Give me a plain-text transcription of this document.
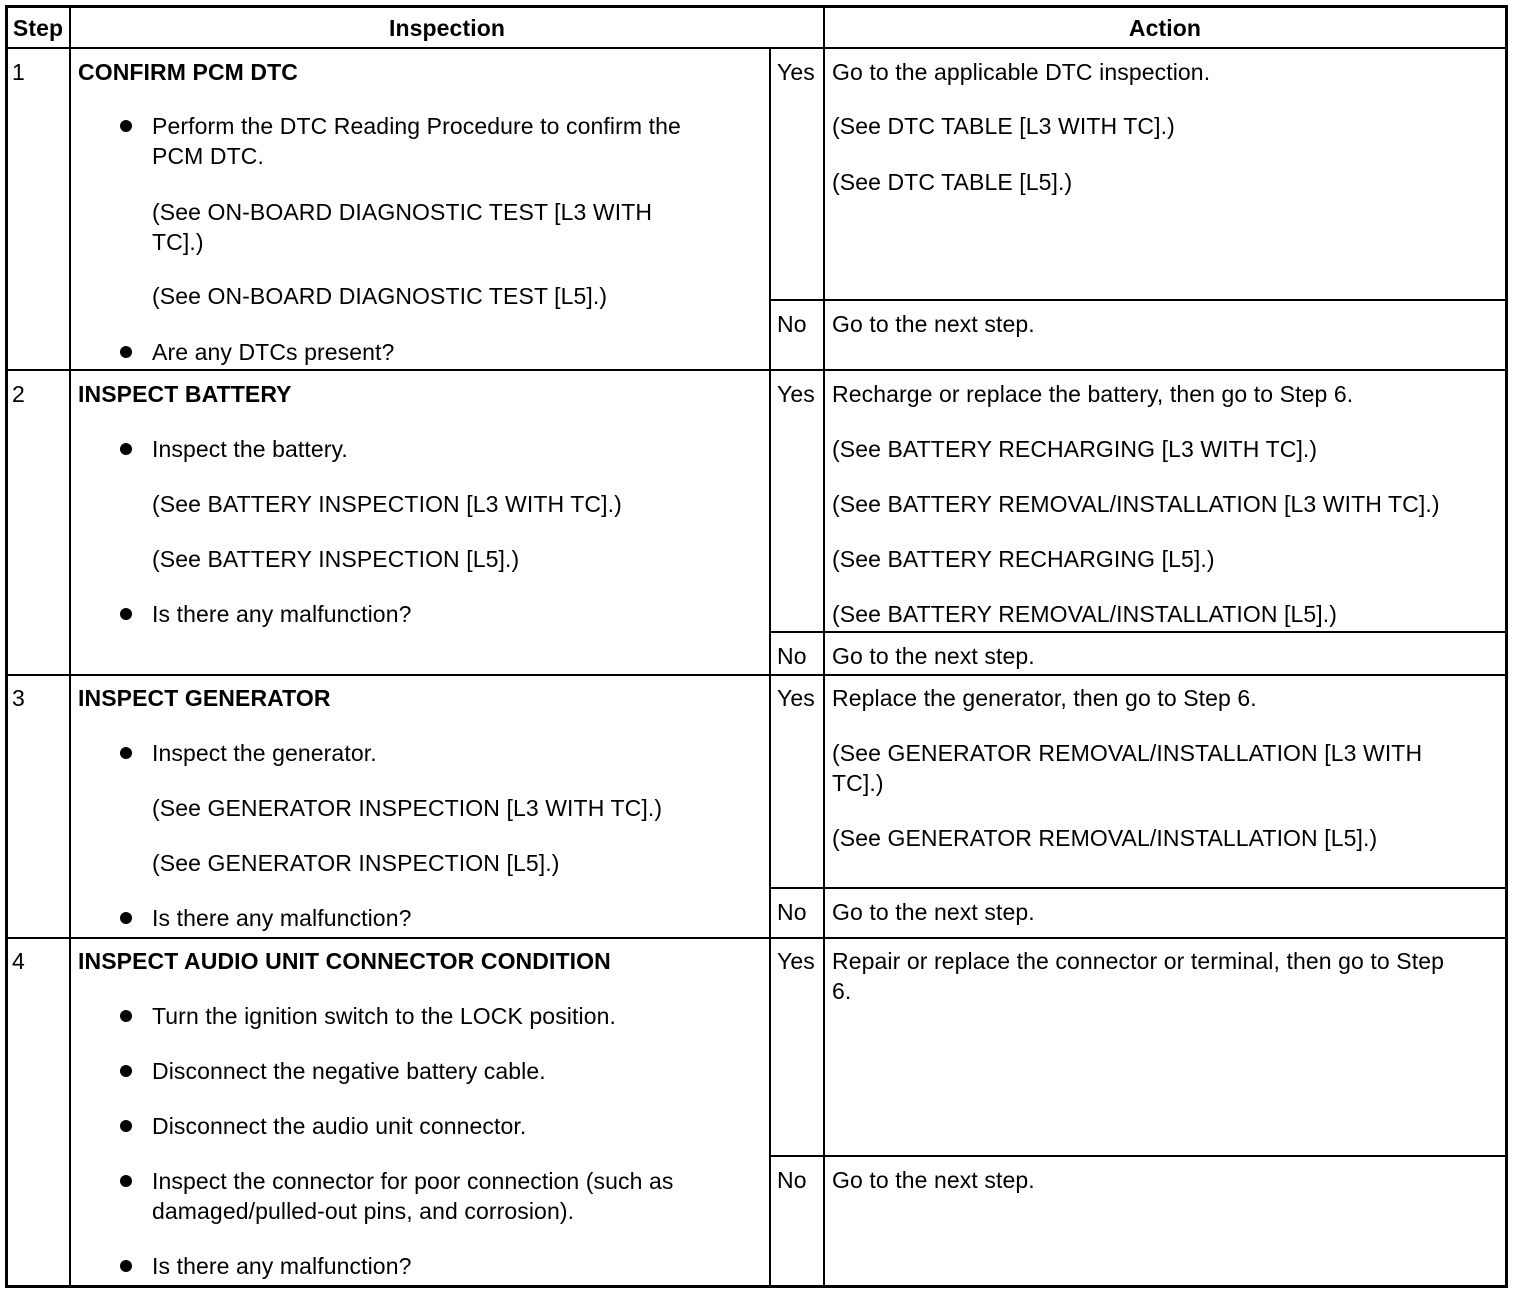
Step	Inspection	Action
1 CONFIRM PCM DTC
Perform the DTC Reading Procedure to confirm the
PCM DTC.
(See ON-BOARD DIAGNOSTIC TEST [L3 WITH
TC].)
(See ON-BOARD DIAGNOSTIC TEST [L5].)
Are any DTCs present?
Yes Go to the applicable DTC inspection.
(See DTC TABLE [L3 WITH TC].)
(See DTC TABLE [L5].)
No Go to the next step.
2 INSPECT BATTERY
Inspect the battery.
(See BATTERY INSPECTION [L3 WITH TC].)
(See BATTERY INSPECTION [L5].)
Is there any malfunction?
Yes Recharge or replace the battery, then go to Step 6.
(See BATTERY RECHARGING [L3 WITH TC].)
(See BATTERY REMOVAL/INSTALLATION [L3 WITH TC].)
(See BATTERY RECHARGING [L5].)
(See BATTERY REMOVAL/INSTALLATION [L5].)
No Go to the next step.
3 INSPECT GENERATOR
Inspect the generator.
(See GENERATOR INSPECTION [L3 WITH TC].)
(See GENERATOR INSPECTION [L5].)
Is there any malfunction?
Yes Replace the generator, then go to Step 6.
(See GENERATOR REMOVAL/INSTALLATION [L3 WITH
TC].)
(See GENERATOR REMOVAL/INSTALLATION [L5].)
No Go to the next step.
4 INSPECT AUDIO UNIT CONNECTOR CONDITION
Turn the ignition switch to the LOCK position.
Disconnect the negative battery cable.
Disconnect the audio unit connector.
Inspect the connector for poor connection (such as
damaged/pulled-out pins, and corrosion).
Is there any malfunction?
Yes Repair or replace the connector or terminal, then go to Step
6.
No Go to the next step.
